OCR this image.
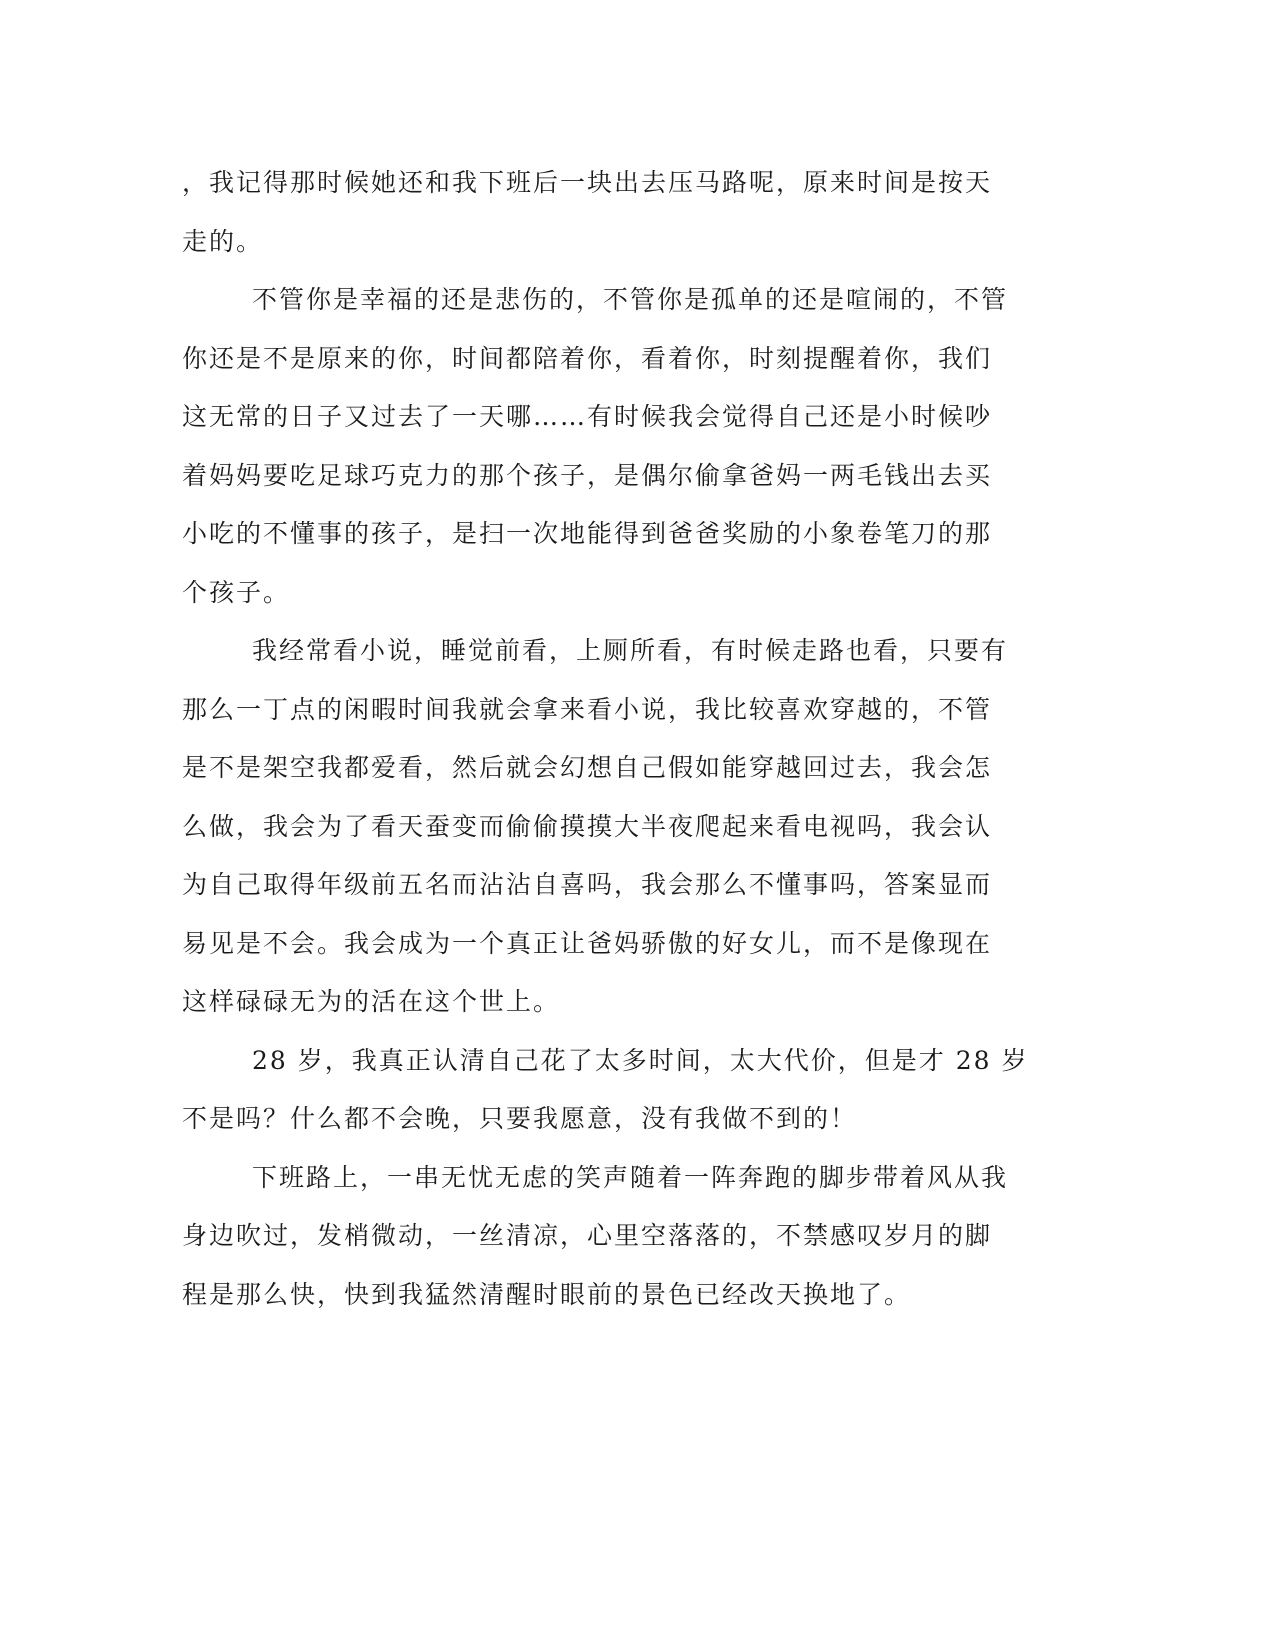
，我记得那时候她还和我下班后一块出去压马路呢，原来时间是按天
走的。
不管你是幸福的还是悲伤的，不管你是孤单的还是喧闹的，不管
你还是不是原来的你，时间都陪着你，看着你，时刻提醒着你，我们
这无常的日子又过去了一天哪……有时候我会觉得自己还是小时候吵
着妈妈要吃足球巧克力的那个孩子，是偶尔偷拿爸妈一两毛钱出去买
小吃的不懂事的孩子，是扫一次地能得到爸爸奖励的小象卷笔刀的那
个孩子。
我经常看小说，睡觉前看，上厕所看，有时候走路也看，只要有
那么一丁点的闲暇时间我就会拿来看小说，我比较喜欢穿越的，不管
是不是架空我都爱看，然后就会幻想自己假如能穿越回过去，我会怎
么做，我会为了看天蚕变而偷偷摸摸大半夜爬起来看电视吗，我会认
为自己取得年级前五名而沾沾自喜吗，我会那么不懂事吗，答案显而
易见是不会。我会成为一个真正让爸妈骄傲的好女儿，而不是像现在
这样碌碌无为的活在这个世上。
28 岁，我真正认清自己花了太多时间，太大代价，但是才 28 岁
不是吗？什么都不会晚，只要我愿意，没有我做不到的！
下班路上，一串无忧无虑的笑声随着一阵奔跑的脚步带着风从我
身边吹过，发梢微动，一丝清凉，心里空落落的，不禁感叹岁月的脚
程是那么快，快到我猛然清醒时眼前的景色已经改天换地了。
